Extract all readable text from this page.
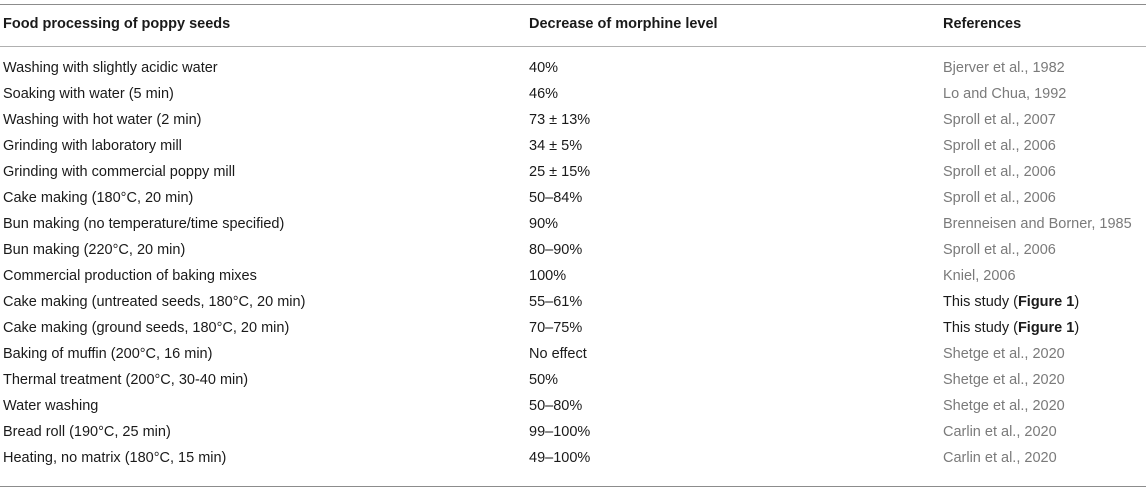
Food processing of poppy seeds	Decrease of morphine level	References
Washing with slightly acidic water	40%	Bjerver et al., 1982
Soaking with water (5 min)	46%	Lo and Chua, 1992
Washing with hot water (2 min)	73 ± 13%	Sproll et al., 2007
Grinding with laboratory mill	34 ± 5%	Sproll et al., 2006
Grinding with commercial poppy mill	25 ± 15%	Sproll et al., 2006
Cake making (180°C, 20 min)	50–84%	Sproll et al., 2006
Bun making (no temperature/time specified)	90%	Brenneisen and Borner, 1985
Bun making (220°C, 20 min)	80–90%	Sproll et al., 2006
Commercial production of baking mixes	100%	Kniel, 2006
Cake making (untreated seeds, 180°C, 20 min)	55–61%	This study (Figure 1)
Cake making (ground seeds, 180°C, 20 min)	70–75%	This study (Figure 1)
Baking of muffin (200°C, 16 min)	No effect	Shetge et al., 2020
Thermal treatment (200°C, 30-40 min)	50%	Shetge et al., 2020
Water washing	50–80%	Shetge et al., 2020
Bread roll (190°C, 25 min)	99–100%	Carlin et al., 2020
Heating, no matrix (180°C, 15 min)	49–100%	Carlin et al., 2020
